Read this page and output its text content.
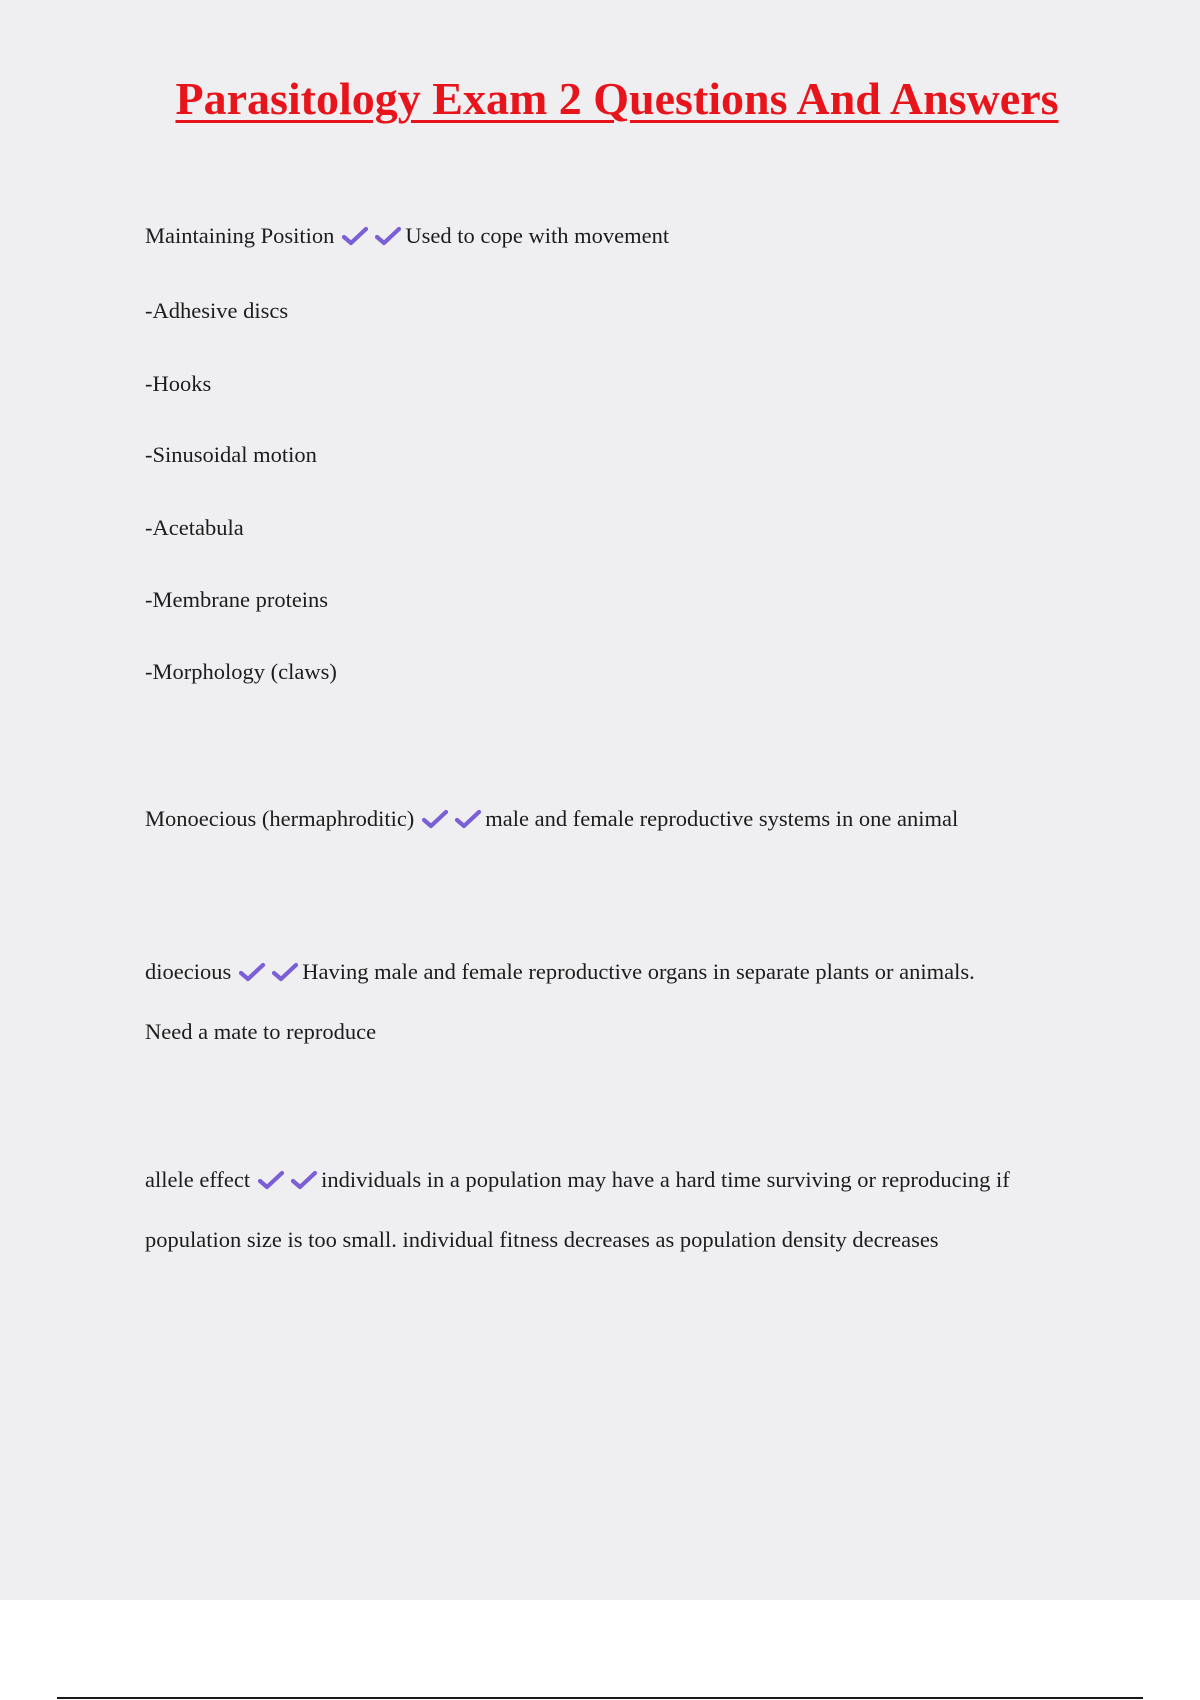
Parasitology Exam 2 Questions And Answers
Maintaining Position	Used to cope with movement
-Adhesive discs
-Hooks
-Sinusoidal motion
-Acetabula
-Membrane proteins
-Morphology (claws)
Monoecious (hermaphroditic)	male and female reproductive systems in one animal
dioecious	Having male and female reproductive organs in separate plants or animals.
Need a mate to reproduce
allele effect	individuals in a population may have a hard time surviving or reproducing if
population size is too small. individual fitness decreases as population density decreases
